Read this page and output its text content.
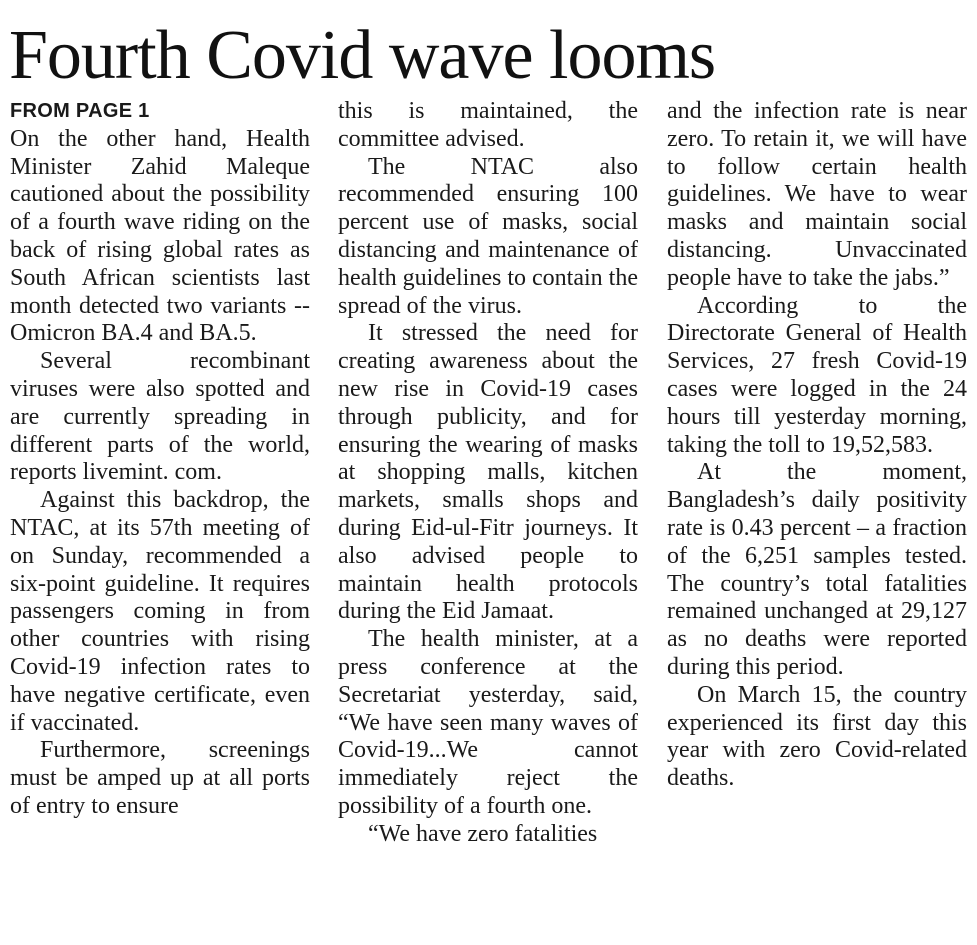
Fourth Covid wave looms
FROM PAGE 1

On the other hand, Health Minister Zahid Maleque cautioned about the possibility of a fourth wave riding on the back of rising global rates as South African scientists last month detected two variants -- Omicron BA.4 and BA.5.

Several recombinant viruses were also spotted and are currently spreading in different parts of the world, reports livemint. com.

Against this backdrop, the NTAC, at its 57th meeting of on Sunday, recommended a six-point guideline. It requires passengers coming in from other countries with rising Covid-19 infection rates to have negative certificate, even if vaccinated.

Furthermore, screenings must be amped up at all ports of entry to ensure

this is maintained, the committee advised.

The NTAC also recommended ensuring 100 percent use of masks, social distancing and maintenance of health guidelines to contain the spread of the virus.

It stressed the need for creating awareness about the new rise in Covid-19 cases through publicity, and for ensuring the wearing of masks at shopping malls, kitchen markets, smalls shops and during Eid-ul-Fitr journeys. It also advised people to maintain health protocols during the Eid Jamaat.

The health minister, at a press conference at the Secretariat yesterday, said, “We have seen many waves of Covid-19...We cannot immediately reject the possibility of a fourth one.

“We have zero fatalities

and the infection rate is near zero. To retain it, we will have to follow certain health guidelines. We have to wear masks and maintain social distancing. Unvaccinated people have to take the jabs.”

According to the Directorate General of Health Services, 27 fresh Covid-19 cases were logged in the 24 hours till yesterday morning, taking the toll to 19,52,583.

At the moment, Bangladesh’s daily positivity rate is 0.43 percent – a fraction of the 6,251 samples tested. The country’s total fatalities remained unchanged at 29,127 as no deaths were reported during this period.

On March 15, the country experienced its first day this year with zero Covid-related deaths.
